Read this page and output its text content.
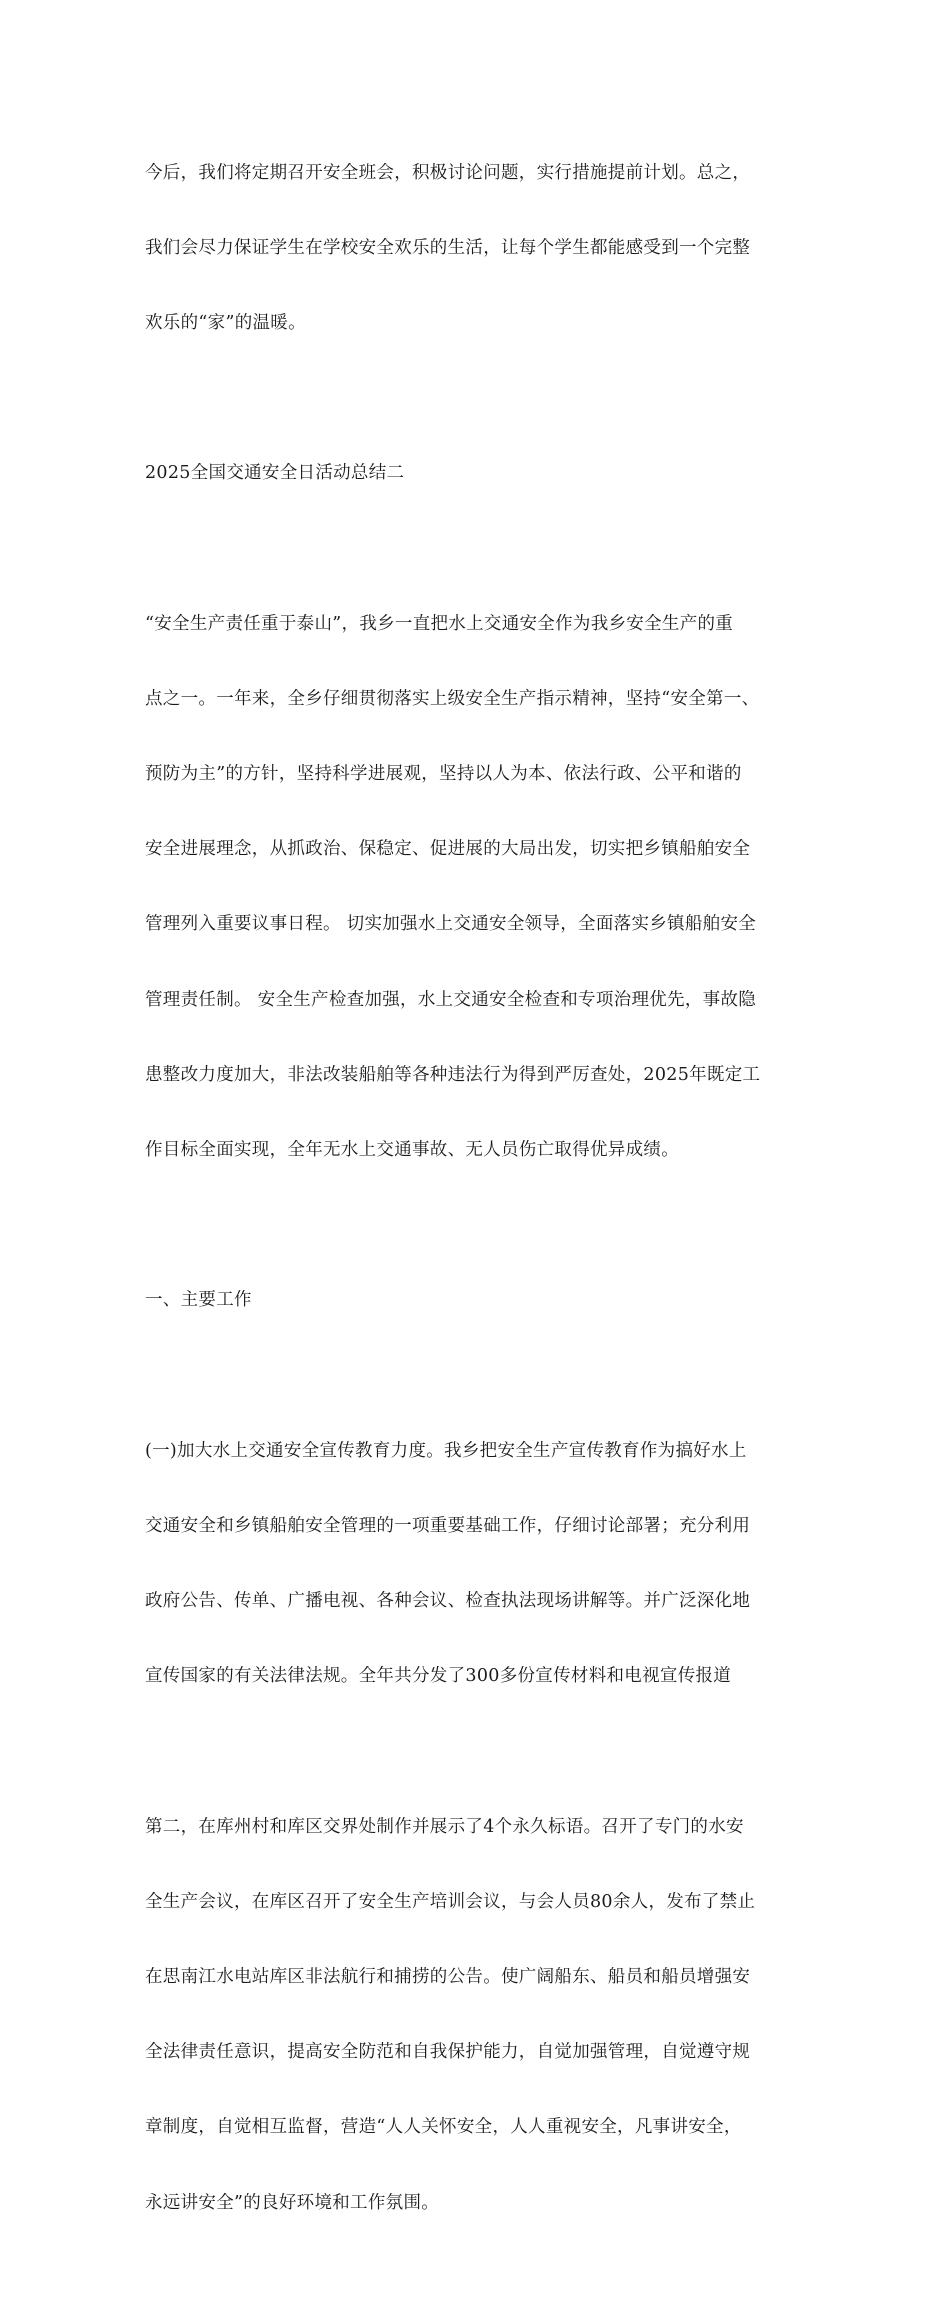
今后，我们将定期召开安全班会，积极讨论问题，实行措施提前计划。总之，

我们会尽力保证学生在学校安全欢乐的生活，让每个学生都能感受到一个完整

欢乐的“家”的温暖。

2025全国交通安全日活动总结二

“安全生产责任重于泰山”，我乡一直把水上交通安全作为我乡安全生产的重

点之一。一年来，全乡仔细贯彻落实上级安全生产指示精神，坚持“安全第一、

预防为主”的方针，坚持科学进展观，坚持以人为本、依法行政、公平和谐的

安全进展理念，从抓政治、保稳定、促进展的大局出发，切实把乡镇船舶安全

管理列入重要议事日程。 切实加强水上交通安全领导，全面落实乡镇船舶安全

管理责任制。 安全生产检查加强，水上交通安全检查和专项治理优先，事故隐

患整改力度加大，非法改装船舶等各种违法行为得到严厉查处，2025年既定工

作目标全面实现，全年无水上交通事故、无人员伤亡取得优异成绩。

一、主要工作

(一)加大水上交通安全宣传教育力度。我乡把安全生产宣传教育作为搞好水上

交通安全和乡镇船舶安全管理的一项重要基础工作，仔细讨论部署；充分利用

政府公告、传单、广播电视、各种会议、检查执法现场讲解等。并广泛深化地

宣传国家的有关法律法规。全年共分发了300多份宣传材料和电视宣传报道

第二，在库州村和库区交界处制作并展示了4个永久标语。召开了专门的水安

全生产会议，在库区召开了安全生产培训会议，与会人员80余人，发布了禁止

在思南江水电站库区非法航行和捕捞的公告。使广阔船东、船员和船员增强安

全法律责任意识，提高安全防范和自我保护能力，自觉加强管理，自觉遵守规

章制度，自觉相互监督，营造“人人关怀安全，人人重视安全，凡事讲安全，

永远讲安全”的良好环境和工作氛围。
